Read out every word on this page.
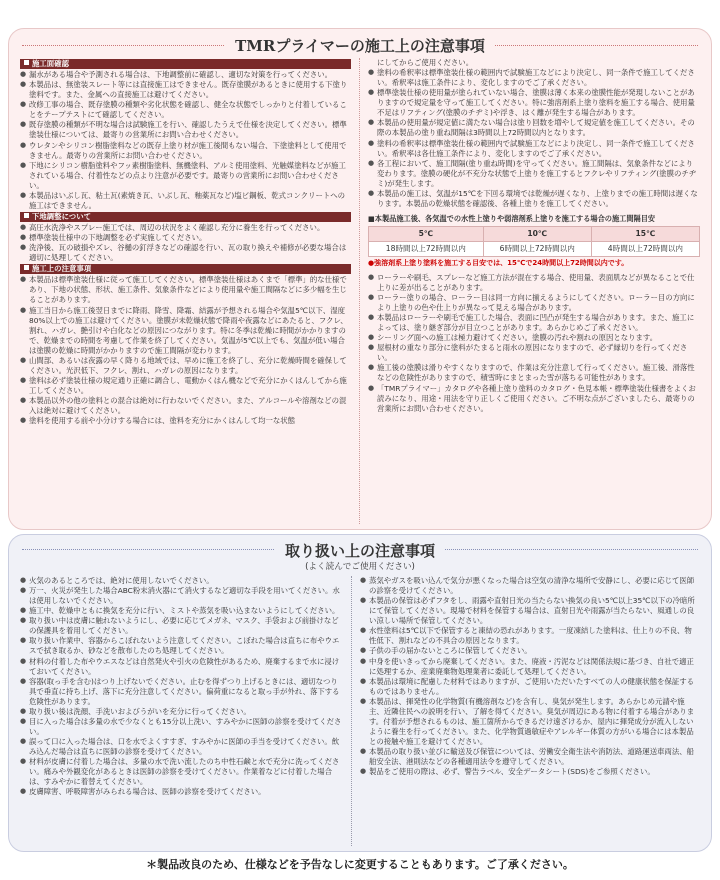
TMRプライマーの施工上の注意事項
施工面確認
● 漏水がある場合や予測される場合は、下地調整前に確認し、適切な対策を行ってください。
● 本製品は、無塗装スレート等には直接施工はできません。既存塗膜があるときに使用する下塗り塗料です。また、金属への直接施工は避けてください。
● 改修工事の場合、既存塗膜の種類や劣化状態を確認し、健全な状態でしっかりと付着していることをテープテストにて確認してください。
● 既存塗膜の種類が不明な場合は試験施工を行い、確認したうえで仕様を決定してください。標準塗装仕様については、最寄りの営業所にお問い合わせください。
● ウレタンやシリコン樹脂塗料などの既存上塗り材が施工後間もない場合、下塗塗料として使用できません。最寄りの営業所にお問い合わせください。
● 下地にシリコン樹脂塗料やフッ素樹脂塗料、無機塗料、アルミ使用塗料、光触媒塗料などが施工されている場合、付着性などの点より注意が必要です。最寄りの営業所にお問い合わせください。
● 本製品はいぶし瓦、粘土瓦(素焼き瓦、いぶし瓦、釉薬瓦など)塩ビ鋼板、乾式コンクリートへの施工はできません。
下地調整について
● 高圧水洗浄やスプレー施工では、周辺の状況をよく確認し充分に養生を行ってください。
● 標準塗装仕様中の下地調整を必ず実施してください。
● 洗浄後、瓦の破損やズレ、谷樋の釘浮きなどの確認を行い、瓦の取り換えや補修が必要な場合は適切に処理してください。
施工上の注意事項
● 本製品は標準塗装仕様に従って施工してください。標準塗装仕様はあくまで「標準」的な仕様であり、下地の状態、形状、施工条件、気象条件などにより使用量や施工間隔などに多少幅を生じることがあります。
● 施工当日から施工後翌日までに降雨、降雪、降霜、結露が予想される場合や気温5℃以下、湿度80%以上での施工は避けてください。塗膜が未乾燥状態で降雨や夜露などにあたると、フクレ、割れ、ハガレ、艶引けや白化などの原因につながります。特に冬季は乾燥に時間がかかりますので、乾燥までの時間を考慮して作業を終了してください。気温が5℃以上でも、気温が低い場合は塗膜の乾燥に時間がかかりますので施工間隔が変わります。
● 山間部、あるいは夜露の早く降りる地域では、早めに施工を終了し、充分に乾燥時間を確保してください。光沢低下、フクレ、割れ、ハガレの原因になります。
● 塗料は必ず塗装仕様の規定通り正確に調合し、電動かくはん機などで充分にかくはんしてから施工してください。
● 本製品以外の他の塗料との混合は絶対に行わないでください。また、アルコールや溶剤などの混入は絶対に避けてください。
● 塗料を使用する前や小分けする場合には、塗料を充分にかくはんして均一な状態
にしてからご使用ください。
● 塗料の希釈率は標準塗装仕様の範囲内で試験施工などにより決定し、同一条件で施工してください。希釈率は施工条件により、変化しますのでご了承ください。
● 標準塗装仕様の使用量が塗られていない場合、塗膜は薄く本来の塗膜性能が発現しないことがありますので規定量を守って施工してください。特に強溶剤系上塗り塗料を施工する場合、使用量不足はリフティング(塗膜のチヂミ)や浮き、はく離が発生する場合があります。
● 本製品の使用量が規定値に満たない場合は塗り回数を増やして規定値を施工してください。その際の本製品の塗り重ね間隔は3時間以上72時間以内となります。
● 塗料の希釈率は標準塗装仕様の範囲内で試験施工などにより決定し、同一条件で施工してください。希釈率は各仕施工条件により、変化しますのでご了承ください。
● 各工程において、施工間隔(塗り重ね時間)を守ってください。施工間隔は、気象条件などにより変わります。塗膜の硬化が不充分な状態で上塗りを施工するとフクレやリフティング(塗膜のチヂミ)が発生します。
● 本製品の施工は、気温が15℃を下回る環境では乾燥が遅くなり、上塗りまでの施工時間は遅くなります。本製品の乾燥状態を確認後、各種上塗りを施工してください。
■本製品施工後、各気温での水性上塗りや弱溶剤系上塗りを施工する場合の施工間隔目安
5℃	10℃	15℃
18時間以上72時間以内	6時間以上72時間以内	4時間以上72時間以内
●強溶剤系上塗り塗料を施工する目安では、15℃で24時間以上72時間以内です。
● ローラーや刷毛、スプレーなど施工方法が混在する場合、使用量、表面肌などが異なることで仕上りに差が出ることがあります。
● ローラー塗りの場合、ローラー目は同一方向に揃えるようにしてください。ローラー目の方向により上塗りの色や仕上りが異なって見える場合があります。
● 本製品はローラーや刷毛で施工した場合、表面に凹凸が発生する場合があります。また、施工によっては、塗り継ぎ部分が目立つことがあります。あらかじめご了承ください。
● シーリング面への施工は極力避けてください。塗膜の汚れや割れの原因となります。
● 屋根材の重なり部分に塗料がたまると雨水の原因になりますので、必ず縁切りを行ってください。
● 施工後の塗膜は滑りやすくなりますので、作業は充分注意して行ってください。施工後、滑落性などの危険性がありますので、積雪時にまとまった雪が落ちる可能性があります。
● 「TMRプライマー」カタログや各種上塗り塗料のカタログ・色見本帳・標準塗装仕様書をよくお読みになり、用途・用法を守り正しくご使用ください。ご不明な点がございましたら、最寄りの営業所にお問い合わせください。
取り扱い上の注意事項
(よく読んでご使用ください)
● 火気のあるところでは、絶対に使用しないでください。
● 万一、火災が発生した場合ABC粉末消火器にて消火するなど適切な手段を用いてください。水は使用しないでください。
● 施工中、乾燥中ともに換気を充分に行い、ミストや蒸気を吸い込まないようにしてください。
● 取り扱い中は皮膚に触れないようにし、必要に応じてメガネ、マスク、手袋および前掛けなどの保護具を着用してください。
● 取り扱い作業中、容器からこぼれないよう注意してください。こぼれた場合は直ちに布やウエスで拭き取るか、砂などを散布したのち処理してください。
● 材料の付着した布やウエスなどは自然発火や引火の危険性があるため、廃棄するまで水に浸けておいてください。
● 容器(取っ手を含む)はつり上げないでください。止むを得ずつり上げるときには、適切なつり具で垂直に持ち上げ、落下に充分注意してください。偏荷重になると取っ手が外れ、落下する危険性があります。
● 取り扱い後は洗顔、手洗いおよびうがいを充分に行ってください。
● 目に入った場合は多量の水で少なくとも15分以上洗い、すみやかに医師の診察を受けてください。
● 誤って口に入った場合は、口を水でよくすすぎ、すみやかに医師の手当を受けてください。飲み込んだ場合は直ちに医師の診察を受けてください。
● 材料が皮膚に付着した場合は、多量の水で洗い流したのち中性石鹸と水で充分に洗ってください。痛みや外観変化があるときは医師の診察を受けてください。作業着などに付着した場合は、すみやかに着替えてください。
● 皮膚障害、呼吸障害がみられる場合は、医師の診察を受けてください。
● 蒸気やガスを吸い込んで気分が悪くなった場合は空気の清浄な場所で安静にし、必要に応じて医師の診察を受けてください。
● 本製品の保管は必ずフタをし、雨露や直射日光の当たらない換気の良い5℃以上35℃以下の冷暗所にて保管してください。現場で材料を保管する場合は、直射日光や雨露が当たらない、風通しの良い涼しい場所で保管してください。
● 水性塗料は5℃以下で保管すると凍結の恐れがあります。一度凍結した塗料は、仕上りの不良、物性低下、割れなどの不具合の原因となります。
● 子供の手の届かないところに保管してください。
● 中身を使いきってから廃棄してください。また、廃液・汚泥などは関係法規に基づき、自社で適正に処理するか、産業廃棄物処理業者に委託して処理してください。
● 本製品は環境に配慮した材料ではありますが、ご使用いただいたすべての人の健康状態を保証するものではありません。
● 本製品は、揮発性の化学物質(有機溶剤など)を含有し、臭気が発生します。あらかじめ元請や施主、近隣住民への説明を行い、了解を得てください。臭気が周辺にある物に付着する場合があります。付着が予想されるものは、施工箇所からできるだけ遠ざけるか、屋内に揮発成分が流入しないように養生を行ってください。また、化学物質過敏症やアレルギー体質の方がいる場合には本製品との接触や施工を避けてください。
● 本製品の取り扱い並びに輸送及び保管については、労働安全衛生法や消防法、道路運送車両法、船舶安全法、港則法などの各種適用法令を遵守してください。
● 製品をご使用の際は、必ず、警告ラベル、安全データシート(SDS)をご参照ください。
＊製品改良のため、仕様などを予告なしに変更することもあります。ご了承ください。
